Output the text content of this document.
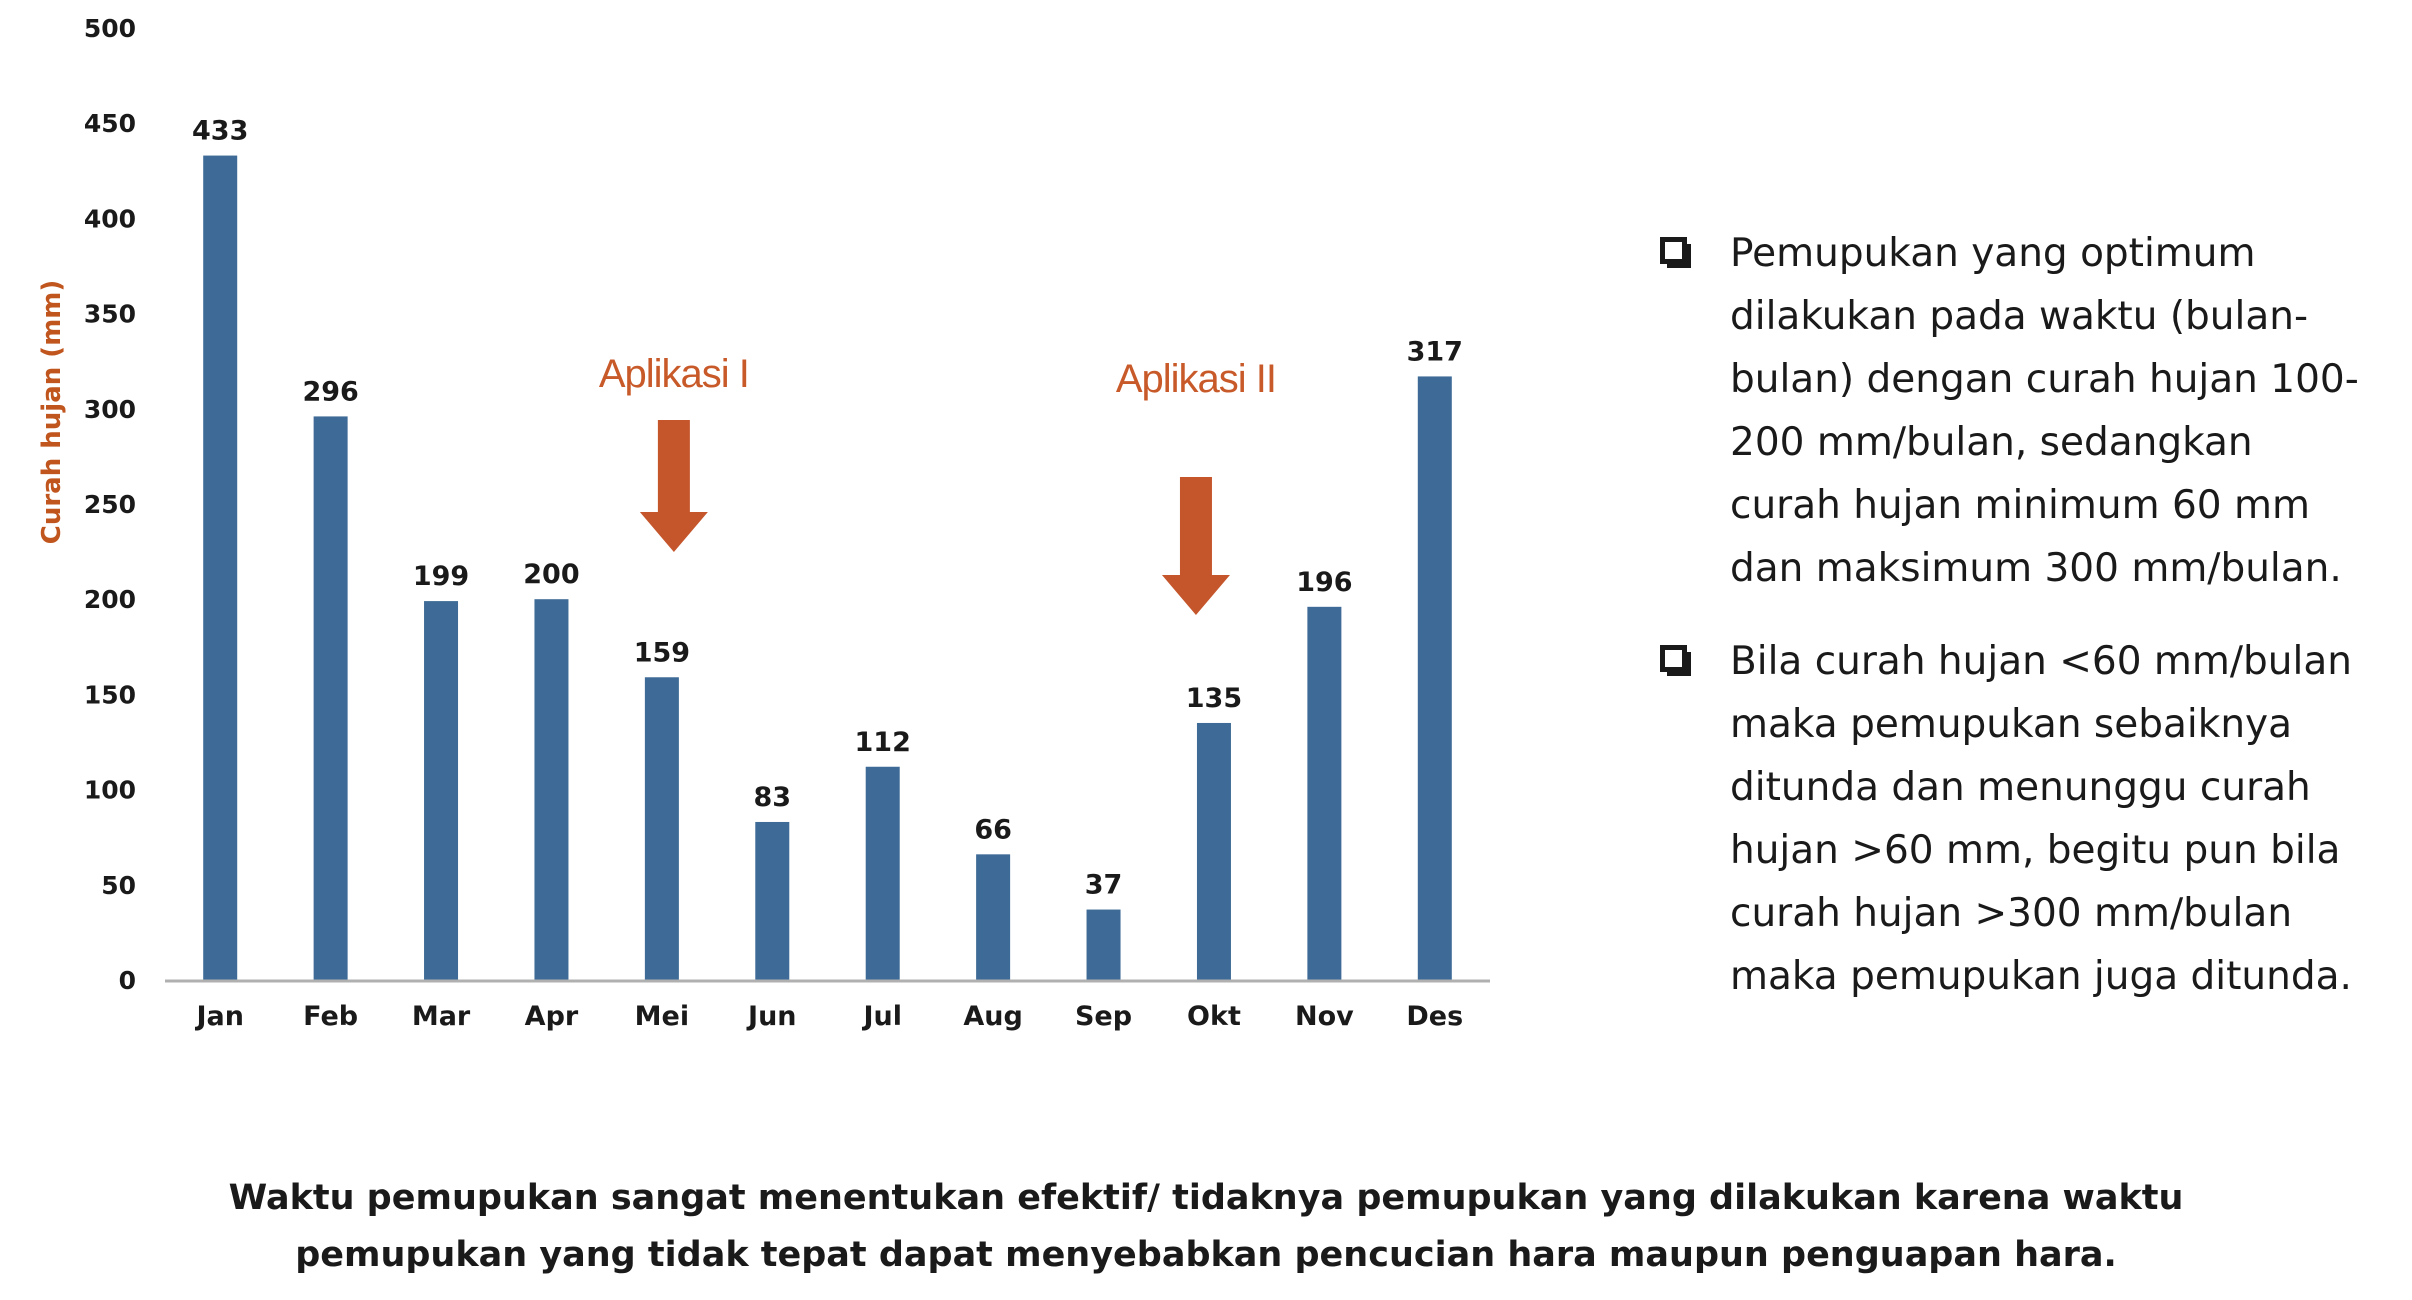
Curah hujan (mm)
0
50
100
150
200
250
300
350
400
450
500
433
296
199 200
159
83
112
66
37
135
196
317
Jan Feb Mar Apr Mei Jun Jul Aug Sep Okt Nov Des
Aplikasi I	Aplikasi II
Pemupukan yang optimum
dilakukan pada waktu (bulan-
bulan) dengan curah hujan 100-
200 mm/bulan, sedangkan
curah hujan minimum 60 mm
dan maksimum 300 mm/bulan.
Bila curah hujan <60 mm/bulan
maka pemupukan sebaiknya
ditunda dan menunggu curah
hujan >60 mm, begitu pun bila
curah hujan >300 mm/bulan
maka pemupukan juga ditunda.
Waktu pemupukan sangat menentukan efektif/ tidaknya pemupukan yang dilakukan karena waktu
pemupukan yang tidak tepat dapat menyebabkan pencucian hara maupun penguapan hara.
